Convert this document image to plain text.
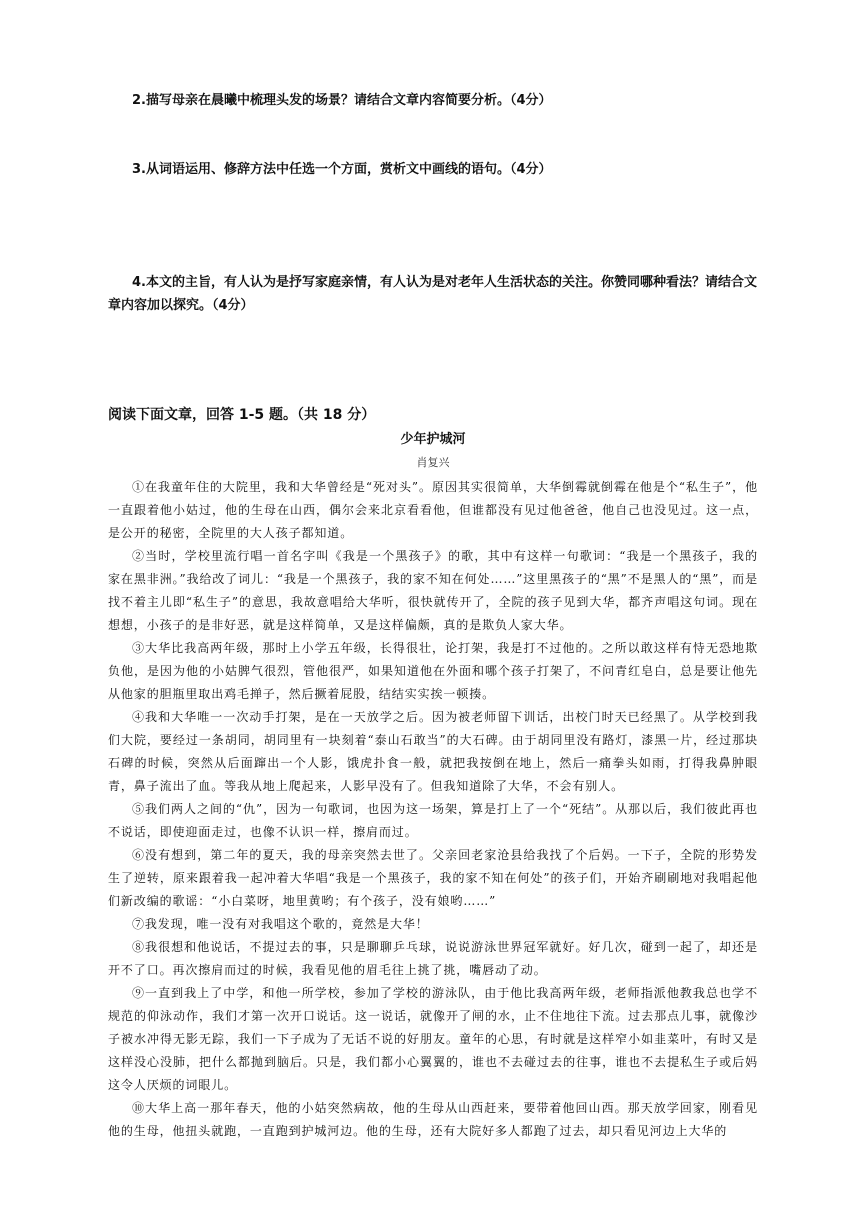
2.描写母亲在晨曦中梳理头发的场景？请结合文章内容简要分析。（4分）
3.从词语运用、修辞方法中任选一个方面，赏析文中画线的语句。（4分）
4.本文的主旨，有人认为是抒写家庭亲情，有人认为是对老年人生活状态的关注。你赞同哪种看法？请结合文章内容加以探究。（4分）
阅读下面文章，回答 1-5 题。（共 18 分）
少年护城河
肖复兴

①在我童年住的大院里，我和大华曾经是“死对头”。原因其实很简单，大华倒霉就倒霉在他是个“私生子”，他一直跟着他小姑过，他的生母在山西，偶尔会来北京看看他，但谁都没有见过他爸爸，他自己也没见过。这一点，是公开的秘密，全院里的大人孩子都知道。

②当时，学校里流行唱一首名字叫《我是一个黑孩子》的歌，其中有这样一句歌词：“我是一个黑孩子，我的家在黑非洲。”我给改了词儿：“我是一个黑孩子，我的家不知在何处……”这里黑孩子的“黑”不是黑人的“黑”，而是找不着主儿即“私生子”的意思，我故意唱给大华听，很快就传开了，全院的孩子见到大华，都齐声唱这句词。现在想想，小孩子的是非好恶，就是这样简单，又是这样偏颇，真的是欺负人家大华。

③大华比我高两年级，那时上小学五年级，长得很壮，论打架，我是打不过他的。之所以敢这样有恃无恐地欺负他，是因为他的小姑脾气很烈，管他很严，如果知道他在外面和哪个孩子打架了，不问青红皂白，总是要让他先从他家的胆瓶里取出鸡毛掸子，然后撅着屁股，结结实实挨一顿揍。

④我和大华唯一一次动手打架，是在一天放学之后。因为被老师留下训话，出校门时天已经黑了。从学校到我们大院，要经过一条胡同，胡同里有一块刻着“泰山石敢当”的大石碑。由于胡同里没有路灯，漆黑一片，经过那块石碑的时候，突然从后面蹿出一个人影，饿虎扑食一般，就把我按倒在地上，然后一痛拳头如雨，打得我鼻肿眼青，鼻子流出了血。等我从地上爬起来，人影早没有了。但我知道除了大华，不会有别人。

⑤我们两人之间的“仇”，因为一句歌词，也因为这一场架，算是打上了一个“死结”。从那以后，我们彼此再也不说话，即使迎面走过，也像不认识一样，擦肩而过。

⑥没有想到，第二年的夏天，我的母亲突然去世了。父亲回老家沧县给我找了个后妈。一下子，全院的形势发生了逆转，原来跟着我一起冲着大华唱“我是一个黑孩子，我的家不知在何处”的孩子们，开始齐刷刷地对我唱起他们新改编的歌谣：“小白菜呀，地里黄哟；有个孩子，没有娘哟……”

⑦我发现，唯一没有对我唱这个歌的，竟然是大华！

⑧我很想和他说话，不提过去的事，只是聊聊乒乓球，说说游泳世界冠军就好。好几次，碰到一起了，却还是开不了口。再次擦肩而过的时候，我看见他的眉毛往上挑了挑，嘴唇动了动。

⑨一直到我上了中学，和他一所学校，参加了学校的游泳队，由于他比我高两年级，老师指派他教我总也学不规范的仰泳动作，我们才第一次开口说话。这一说话，就像开了闸的水，止不住地往下流。过去那点儿事，就像沙子被水冲得无影无踪，我们一下子成为了无话不说的好朋友。童年的心思，有时就是这样窄小如韭菜叶，有时又是这样没心没肺，把什么都抛到脑后。只是，我们都小心翼翼的，谁也不去碰过去的往事，谁也不去提私生子或后妈这令人厌烦的词眼儿。

⑩大华上高一那年春天，他的小姑突然病故，他的生母从山西赶来，要带着他回山西。那天放学回家，刚看见他的生母，他扭头就跑，一直跑到护城河边。他的生母，还有大院好多人都跑了过去，却只看见河边上大华的
